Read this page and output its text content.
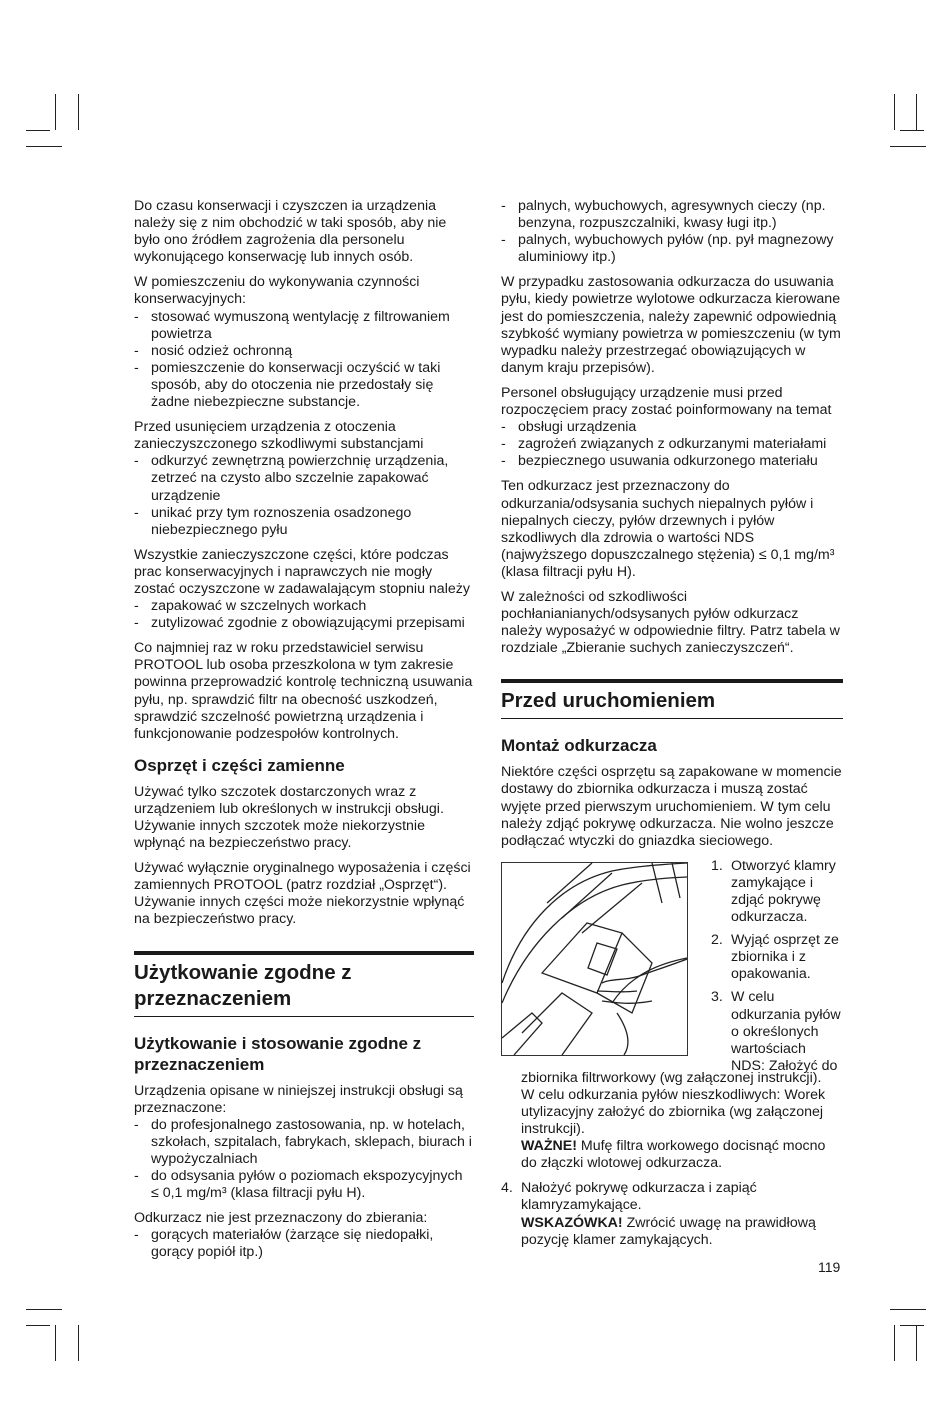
Do czasu konserwacji i czyszczen ia urządzenia należy się z nim obchodzić w taki sposób, aby nie było ono źródłem zagrożenia dla personelu wykonującego konserwację lub innych osób.

W pomieszczeniu do wykonywania czynności konserwacyjnych:

- stosować wymuszoną wentylację z filtrowaniem powietrza
- nosić odzież ochronną
- pomieszczenie do konserwacji oczyścić w taki sposób, aby do otoczenia nie przedostały się żadne niebezpieczne substancje.

Przed usunięciem urządzenia z otoczenia zanieczyszczonego szkodliwymi substancjami

- odkurzyć zewnętrzną powierzchnię urządzenia, zetrzeć na czysto albo szczelnie zapakować urządzenie
- unikać przy tym roznoszenia osadzonego niebezpiecznego pyłu

Wszystkie zanieczyszczone części, które podczas prac konserwacyjnych i naprawczych nie mogły zostać oczyszczone w zadawalającym stopniu należy

- zapakować w szczelnych workach
- zutylizować zgodnie z obowiązującymi przepisami

Co najmniej raz w roku przedstawiciel serwisu PROTOOL lub osoba przeszkolona w tym zakresie powinna przeprowadzić kontrolę techniczną usuwania pyłu, np. sprawdzić filtr na obecność uszkodzeń, sprawdzić szczelność powietrzną urządzenia i funkcjonowanie podzespołów kontrolnych.

Osprzęt i części zamienne

Używać tylko szczotek dostarczonych wraz z urządzeniem lub określonych w instrukcji obsługi. Używanie innych szczotek może niekorzystnie wpłynąć na bezpieczeństwo pracy.

Używać wyłącznie oryginalnego wyposażenia i części zamiennych PROTOOL (patrz rozdział „Osprzęt“). Używanie innych części może niekorzystnie wpłynąć na bezpieczeństwo pracy.

Użytkowanie zgodne z przeznaczeniem
Użytkowanie i stosowanie zgodne z przeznaczeniem

Urządzenia opisane w niniejszej instrukcji obsługi są przeznaczone:

- do profesjonalnego zastosowania, np. w hotelach, szkołach, szpitalach, fabrykach, sklepach, biurach i wypożyczalniach
- do odsysania pyłów o poziomach ekspozycyjnych ≤ 0,1 mg/m³ (klasa filtracji pyłu H).

Odkurzacz nie jest przeznaczony do zbierania:

- gorących materiałów (żarzące się niedopałki, gorący popiół itp.)
- palnych, wybuchowych, agresywnych cieczy (np. benzyna, rozpuszczalniki, kwasy ługi itp.)
- palnych, wybuchowych pyłów (np. pył magnezowy aluminiowy itp.)

W przypadku zastosowania odkurzacza do usuwania pyłu, kiedy powietrze wylotowe odkurzacza kierowane jest do pomieszczenia, należy zapewnić odpowiednią szybkość wymiany powietrza w pomieszczeniu (w tym wypadku należy przestrzegać obowiązujących w danym kraju przepisów).

Personel obsługujący urządzenie musi przed rozpoczęciem pracy zostać poinformowany na temat

- obsługi urządzenia
- zagrożeń związanych z odkurzanymi materiałami
- bezpiecznego usuwania odkurzonego materiału

Ten odkurzacz jest przeznaczony do odkurzania/odsysania suchych niepalnych pyłów i niepalnych cieczy, pyłów drzewnych i pyłów szkodliwych dla zdrowia o wartości NDS (najwyższego dopuszczalnego stężenia) ≤ 0,1 mg/m³ (klasa filtracji pyłu H).

W zależności od szkodliwości pochłanianianych/odsysanych pyłów odkurzacz należy wyposażyć w odpowiednie filtry. Patrz tabela w rozdziale „Zbieranie suchych zanieczyszczeń“.

Przed uruchomieniem
Montaż odkurzacza

Niektóre części osprzętu są zapakowane w momencie dostawy do zbiornika odkurzacza i muszą zostać wyjęte przed pierwszym uruchomieniem. W tym celu należy zdjąć pokrywę odkurzacza. Nie wolno jeszcze podłączać wtyczki do gniazdka sieciowego.

1. Otworzyć klamry zamykające i zdjąć pokrywę odkurzacza.
2. Wyjąć osprzęt ze zbiornika i z opakowania.
3. W celu odkurzania pyłów o określonych wartościach NDS: Założyć do
zbiornika filtrworkowy (wg załączonej instrukcji).
W celu odkurzania pyłów nieszkodliwych: Worek utylizacyjny założyć do zbiornika (wg załączonej instrukcji).
WAŻNE! Mufę filtra workowego docisnąć mocno do złączki wlotowej odkurzacza.
4. Nałożyć pokrywę odkurzacza i zapiąć klamryzamykające.
WSKAZÓWKA! Zwrócić uwagę na prawidłową pozycję klamer zamykających.
119
